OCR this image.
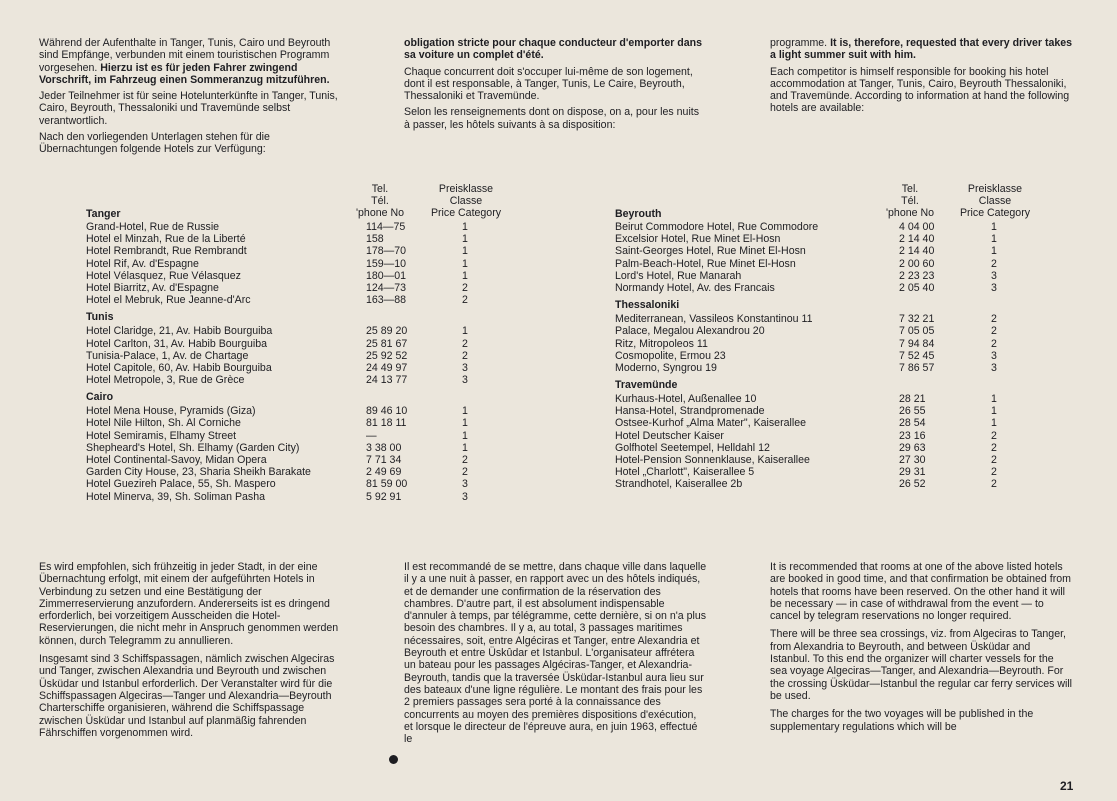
Während der Aufenthalte in Tanger, Tunis, Cairo und Beyrouth sind Empfänge, verbunden mit einem touristischen Programm vorgesehen. Hierzu ist es für jeden Fahrer zwingend Vorschrift, im Fahrzeug einen Sommeranzug mitzuführen.

Jeder Teilnehmer ist für seine Hotelunterkünfte in Tanger, Tunis, Cairo, Beyrouth, Thessaloniki und Travemünde selbst verantwortlich.

Nach den vorliegenden Unterlagen stehen für die Übernachtungen folgende Hotels zur Verfügung:

obligation stricte pour chaque conducteur d'emporter dans sa voiture un complet d'été.

Chaque concurrent doit s'occuper lui-même de son logement, dont il est responsable, à Tanger, Tunis, Le Caire, Beyrouth, Thessaloniki et Travemünde.

Selon les renseignements dont on dispose, on a, pour les nuits à passer, les hôtels suivants à sa disposition:

programme. It is, therefore, requested that every driver takes a light summer suit with him.

Each competitor is himself responsible for booking his hotel accommodation at Tanger, Tunis, Cairo, Beyrouth Thessaloniki, and Travemünde. According to information at hand the following hotels are available:

Tel.
Tél.
'phone No
Preisklasse
Classe
Price Category
Tanger
Grand-Hotel, Rue de Russie	114—75	1
Hotel el Minzah, Rue de la Liberté	158	1
Hotel Rembrandt, Rue Rembrandt	178—70	1
Hotel Rif, Av. d'Espagne	159—10	1
Hotel Vélasquez, Rue Vélasquez	180—01	1
Hotel Biarritz, Av. d'Espagne	124—73	2
Hotel el Mebruk, Rue Jeanne-d'Arc	163—88	2
Tunis
Hotel Claridge, 21, Av. Habib Bourguiba	25 89 20	1
Hotel Carlton, 31, Av. Habib Bourguiba	25 81 67	2
Tunisia-Palace, 1, Av. de Chartage	25 92 52	2
Hotel Capitole, 60, Av. Habib Bourguiba	24 49 97	3
Hotel Metropole, 3, Rue de Grèce	24 13 77	3
Cairo
Hotel Mena House, Pyramids (Giza)	89 46 10	1
Hotel Nile Hilton, Sh. Al Corniche	81 18 11	1
Hotel Semiramis, Elhamy Street	—	1
Shepheard's Hotel, Sh. Elhamy (Garden City)	3 38 00	1
Hotel Continental-Savoy, Midan Opera	7 71 34	2
Garden City House, 23, Sharia Sheikh Barakate	2 49 69	2
Hotel Guezireh Palace, 55, Sh. Maspero	81 59 00	3
Hotel Minerva, 39, Sh. Soliman Pasha	5 92 91	3
Tel.
Tél.
'phone No
Preisklasse
Classe
Price Category
Beyrouth
Beirut Commodore Hotel, Rue Commodore	4 04 00	1
Excelsior Hotel, Rue Minet El-Hosn	2 14 40	1
Saint-Georges Hotel, Rue Minet El-Hosn	2 14 40	1
Palm-Beach-Hotel, Rue Minet El-Hosn	2 00 60	2
Lord's Hotel, Rue Manarah	2 23 23	3
Normandy Hotel, Av. des Francais	2 05 40	3
Thessaloniki
Mediterranean, Vassileos Konstantinou 11	7 32 21	2
Palace, Megalou Alexandrou 20	7 05 05	2
Ritz, Mitropoleos 11	7 94 84	2
Cosmopolite, Ermou 23	7 52 45	3
Moderno, Syngrou 19	7 86 57	3
Travemünde
Kurhaus-Hotel, Außenallee 10	28 21	1
Hansa-Hotel, Strandpromenade	26 55	1
Ostsee-Kurhof „Alma Mater", Kaiserallee	28 54	1
Hotel Deutscher Kaiser	23 16	2
Golfhotel Seetempel, Helldahl 12	29 63	2
Hotel-Pension Sonnenklause, Kaiserallee	27 30	2
Hotel „Charlott", Kaiserallee 5	29 31	2
Strandhotel, Kaiserallee 2b	26 52	2

Es wird empfohlen, sich frühzeitig in jeder Stadt, in der eine Übernachtung erfolgt, mit einem der aufgeführten Hotels in Verbindung zu setzen und eine Bestätigung der Zimmerreservierung anzufordern. Andererseits ist es dringend erforderlich, bei vorzeitigem Ausscheiden die Hotel-Reservierungen, die nicht mehr in Anspruch genommen werden können, durch Telegramm zu annullieren.

Insgesamt sind 3 Schiffspassagen, nämlich zwischen Algeciras und Tanger, zwischen Alexandria und Beyrouth und zwischen Üsküdar und Istanbul erforderlich. Der Veranstalter wird für die Schiffspassagen Algeciras—Tanger und Alexandria—Beyrouth Charterschiffe organisieren, während die Schiffspassage zwischen Üsküdar und Istanbul auf planmäßig fahrenden Fährschiffen vorgenommen wird.

Il est recommandé de se mettre, dans chaque ville dans laquelle il y a une nuit à passer, en rapport avec un des hôtels indiqués, et de demander une confirmation de la réservation des chambres. D'autre part, il est absolument indispensable d'annuler à temps, par télégramme, cette dernière, si on n'a plus besoin des chambres. Il y a, au total, 3 passages maritimes nécessaires, soit, entre Algéciras et Tanger, entre Alexandria et Beyrouth et entre Üskûdar et Istanbul. L'organisateur affrétera un bateau pour les passages Algéciras-Tanger, et Alexandria-Beyrouth, tandis que la traversée Üsküdar-Istanbul aura lieu sur des bateaux d'une ligne régulière. Le montant des frais pour les 2 premiers passages sera porté à la connaissance des concurrents au moyen des premières dispositions d'exécution, et lorsque le directeur de l'épreuve aura, en juin 1963, effectué le

It is recommended that rooms at one of the above listed hotels are booked in good time, and that confirmation be obtained from hotels that rooms have been reserved. On the other hand it will be necessary — in case of withdrawal from the event — to cancel by telegram reservations no longer required.

There will be three sea crossings, viz. from Algeciras to Tanger, from Alexandria to Beyrouth, and between Üsküdar and Istanbul. To this end the organizer will charter vessels for the sea voyage Algeciras—Tanger, and Alexandria—Beyrouth. For the crossing Üsküdar—Istanbul the regular car ferry services will be used.

The charges for the two voyages will be published in the supplementary regulations which will be

21
